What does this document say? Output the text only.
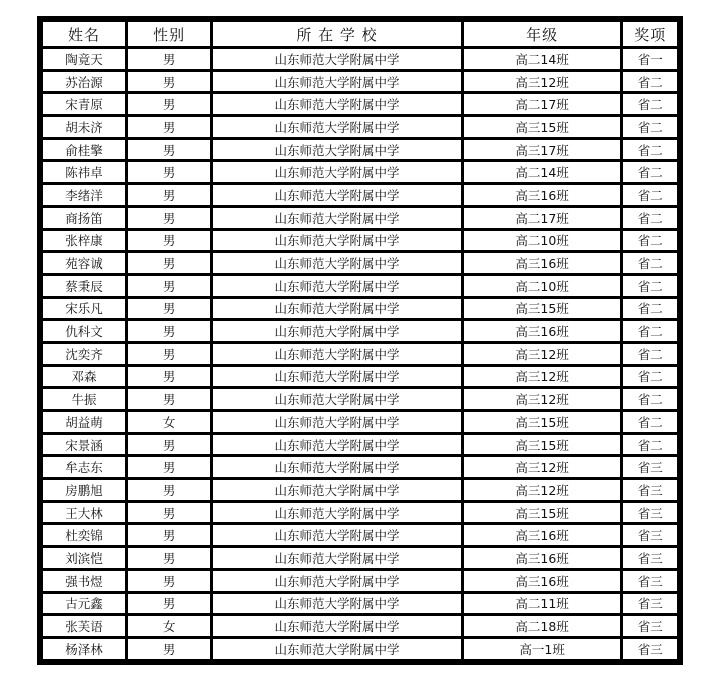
姓名	性别	所 在 学 校	年级	奖项
陶竟天	男	山东师范大学附属中学	高二14班	省一
苏治源	男	山东师范大学附属中学	高三12班	省二
宋青原	男	山东师范大学附属中学	高二17班	省二
胡未济	男	山东师范大学附属中学	高三15班	省二
俞桂擎	男	山东师范大学附属中学	高三17班	省二
陈祎卓	男	山东师范大学附属中学	高二14班	省二
李绪洋	男	山东师范大学附属中学	高三16班	省二
商扬笛	男	山东师范大学附属中学	高二17班	省二
张梓康	男	山东师范大学附属中学	高二10班	省二
苑容诚	男	山东师范大学附属中学	高三16班	省二
蔡秉辰	男	山东师范大学附属中学	高二10班	省二
宋乐凡	男	山东师范大学附属中学	高三15班	省二
仇科文	男	山东师范大学附属中学	高三16班	省二
沈奕齐	男	山东师范大学附属中学	高三12班	省二
邓森	男	山东师范大学附属中学	高三12班	省二
牛振	男	山东师范大学附属中学	高三12班	省二
胡益萌	女	山东师范大学附属中学	高三15班	省二
宋景涵	男	山东师范大学附属中学	高三15班	省二
牟志东	男	山东师范大学附属中学	高三12班	省三
房鹏旭	男	山东师范大学附属中学	高三12班	省三
王大林	男	山东师范大学附属中学	高三15班	省三
杜奕锦	男	山东师范大学附属中学	高三16班	省三
刘滨恺	男	山东师范大学附属中学	高三16班	省三
强书煜	男	山东师范大学附属中学	高三16班	省三
古元鑫	男	山东师范大学附属中学	高二11班	省三
张芙语	女	山东师范大学附属中学	高二18班	省三
杨泽林	男	山东师范大学附属中学	高一1班	省三
